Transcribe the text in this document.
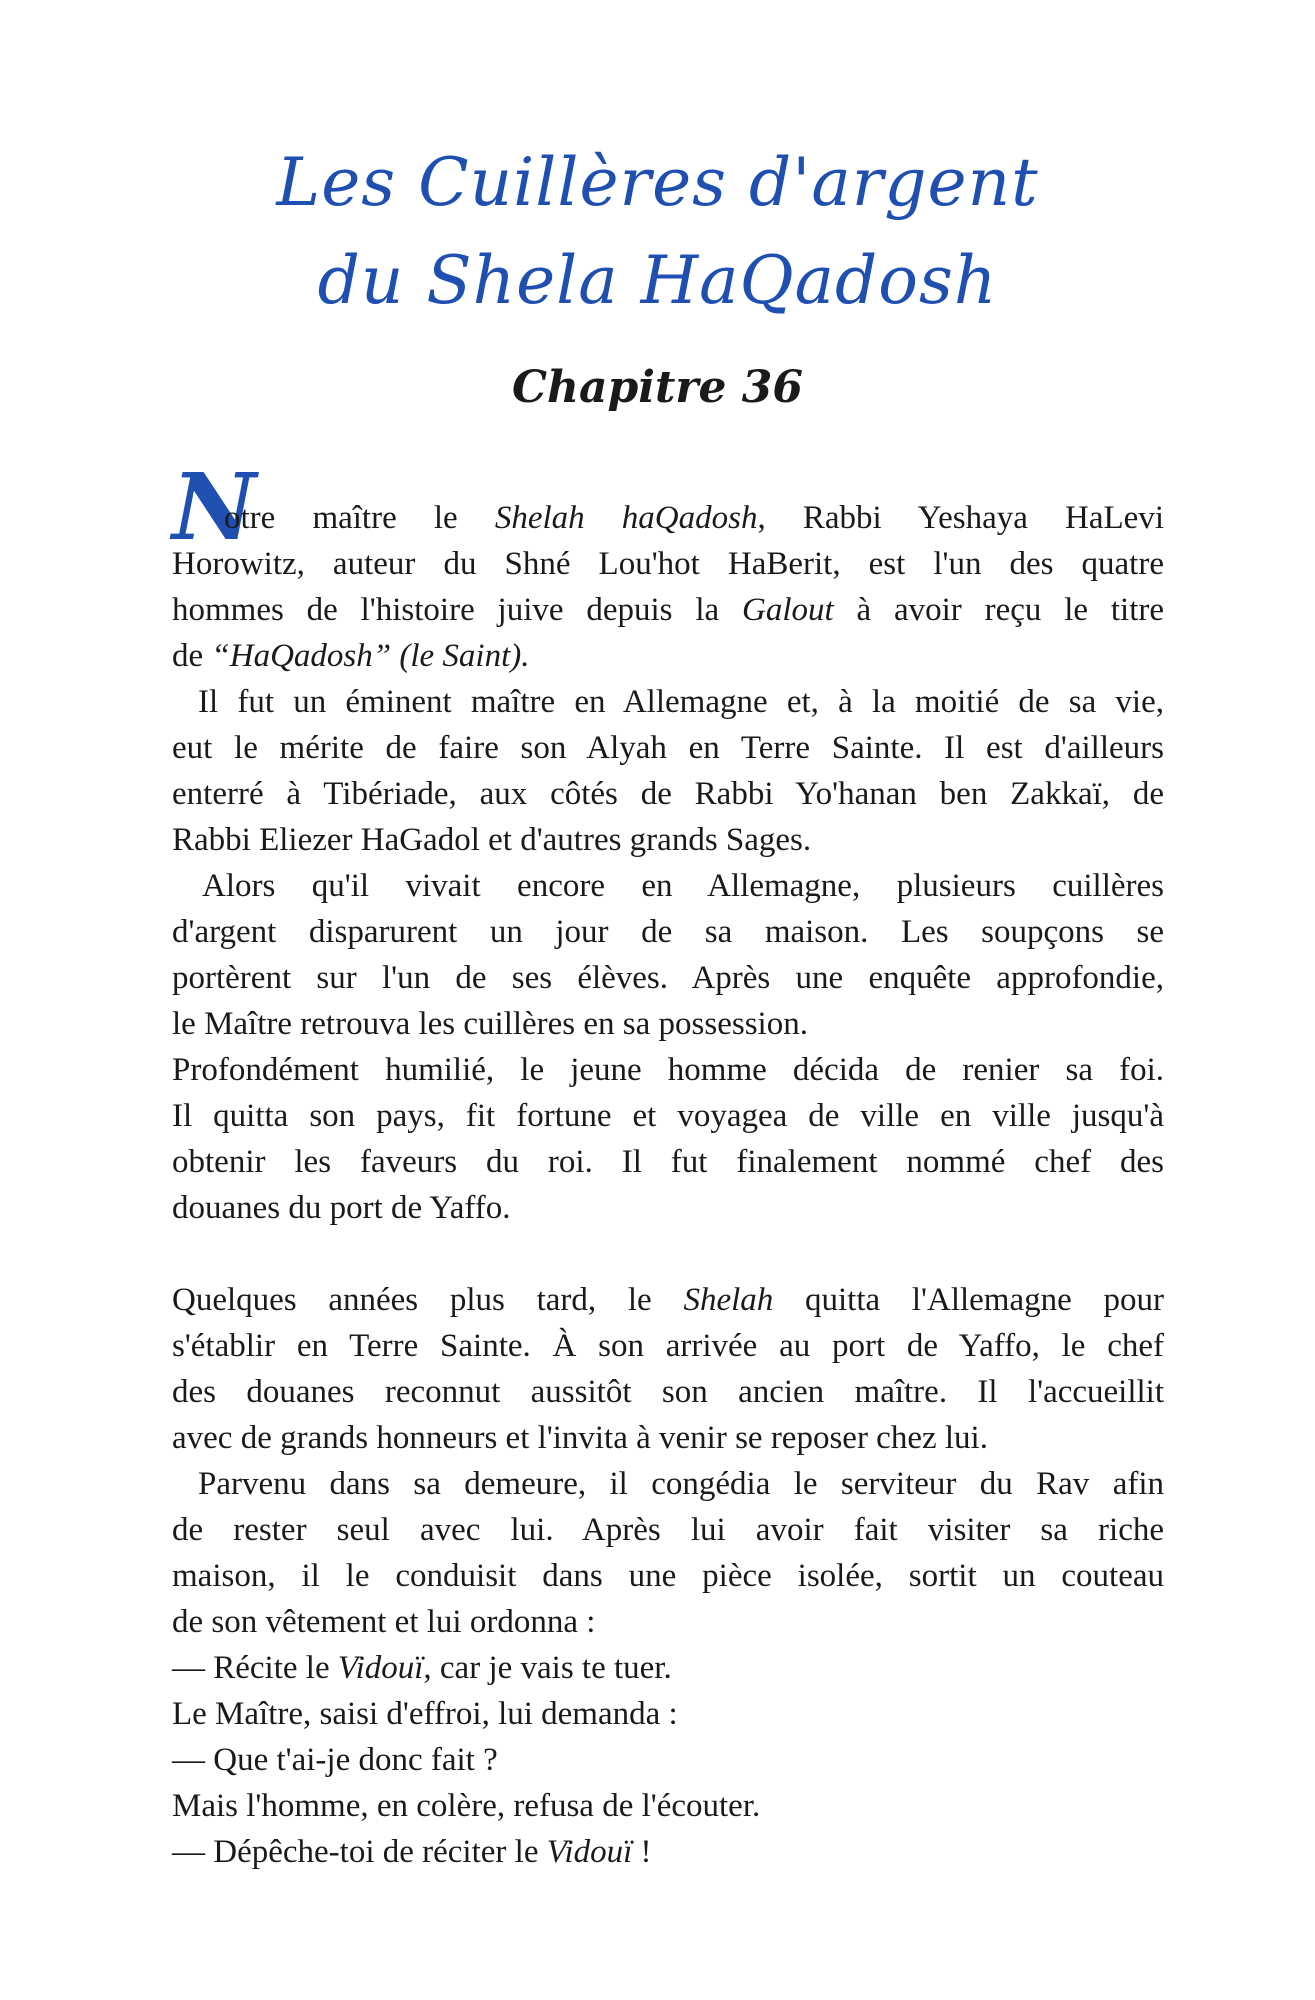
Les Cuillères d'argent
du Shela HaQadosh
Chapitre 36
N
otre maître le Shelah haQadosh, Rabbi Yeshaya HaLevi
Horowitz, auteur du Shné Lou'hot HaBerit, est l'un des quatre
hommes de l'histoire juive depuis la Galout à avoir reçu le titre
de “HaQadosh” (le Saint).
Il fut un éminent maître en Allemagne et, à la moitié de sa vie,
eut le mérite de faire son Alyah en Terre Sainte. Il est d'ailleurs
enterré à Tibériade, aux côtés de Rabbi Yo'hanan ben Zakkaï, de
Rabbi Eliezer HaGadol et d'autres grands Sages.
Alors qu'il vivait encore en Allemagne, plusieurs cuillères
d'argent disparurent un jour de sa maison. Les soupçons se
portèrent sur l'un de ses élèves. Après une enquête approfondie,
le Maître retrouva les cuillères en sa possession.
Profondément humilié, le jeune homme décida de renier sa foi.
Il quitta son pays, fit fortune et voyagea de ville en ville jusqu'à
obtenir les faveurs du roi. Il fut finalement nommé chef des
douanes du port de Yaffo.
Quelques années plus tard, le Shelah quitta l'Allemagne pour
s'établir en Terre Sainte. À son arrivée au port de Yaffo, le chef
des douanes reconnut aussitôt son ancien maître. Il l'accueillit
avec de grands honneurs et l'invita à venir se reposer chez lui.
Parvenu dans sa demeure, il congédia le serviteur du Rav afin
de rester seul avec lui. Après lui avoir fait visiter sa riche
maison, il le conduisit dans une pièce isolée, sortit un couteau
de son vêtement et lui ordonna :
— Récite le Vidouï, car je vais te tuer.
Le Maître, saisi d'effroi, lui demanda :
— Que t'ai-je donc fait ?
Mais l'homme, en colère, refusa de l'écouter.
— Dépêche-toi de réciter le Vidouï !
